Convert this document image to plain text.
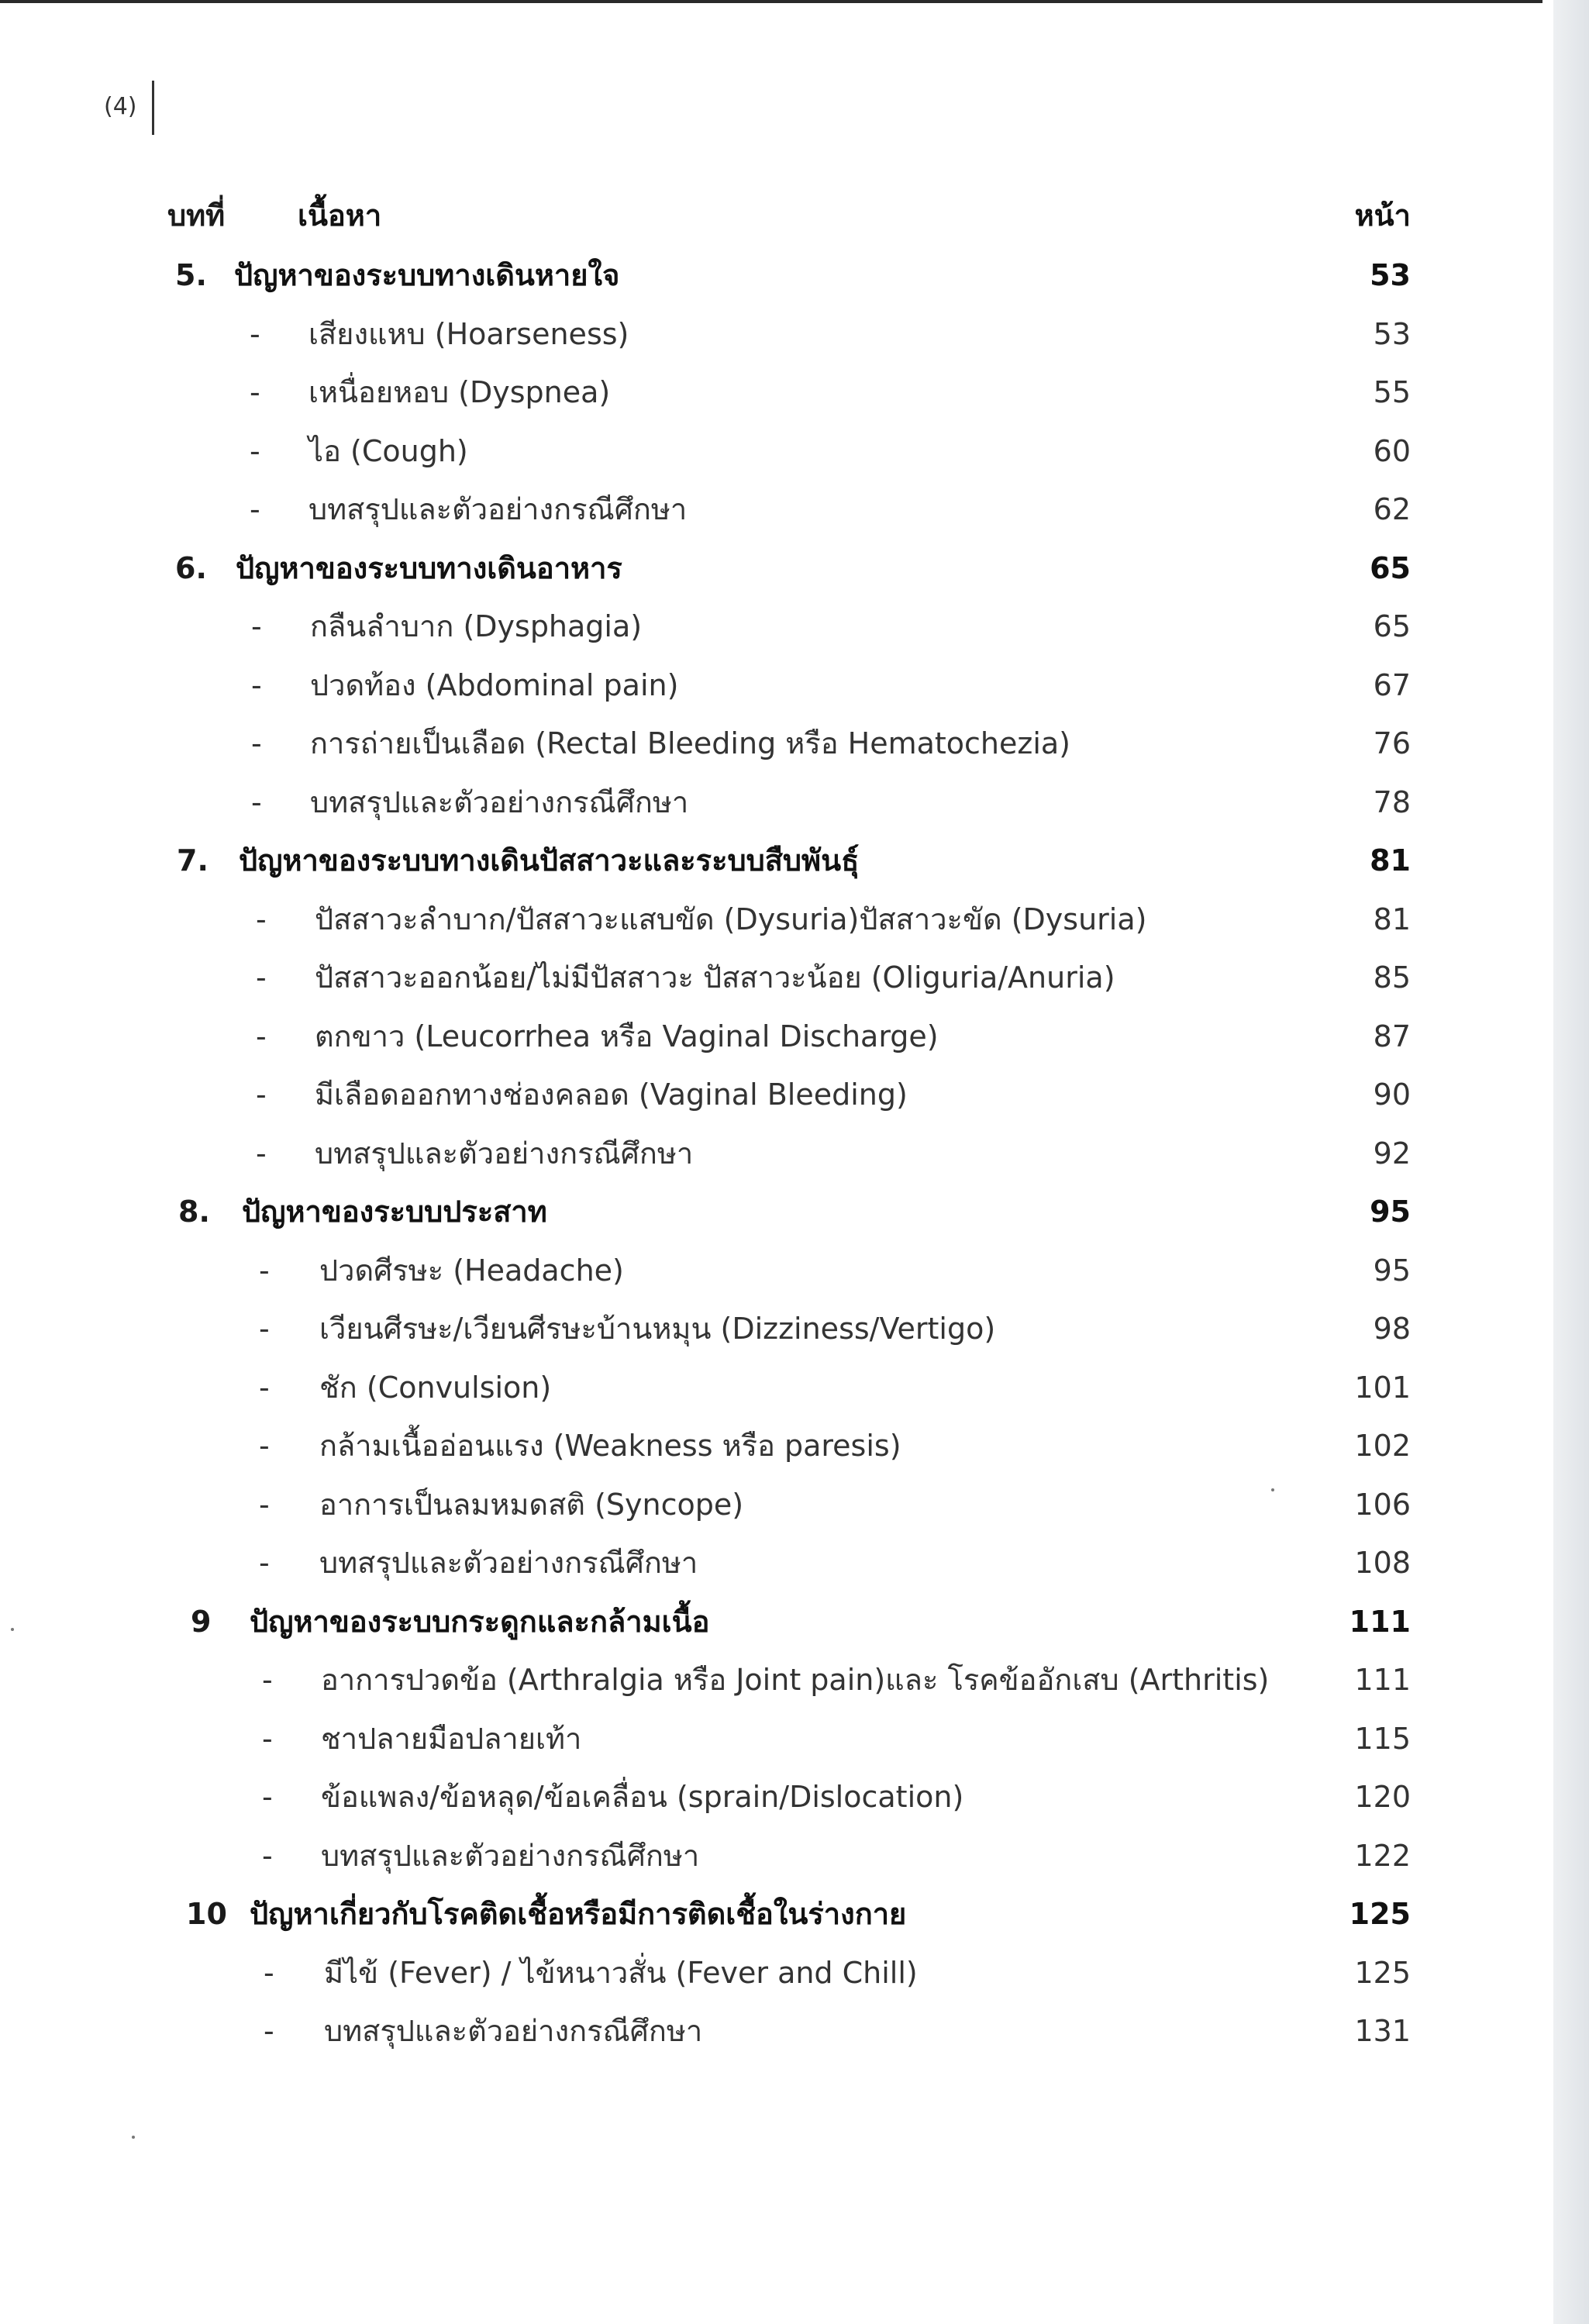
(4)
บทที่ เนื้อหา	หน้า
5. ปัญหาของระบบทางเดินหายใจ	53
- เสียงแหบ (Hoarseness)	53
- เหนื่อยหอบ (Dyspnea)	55
- ไอ (Cough)	60
- บทสรุปและตัวอย่างกรณีศึกษา	62
6. ปัญหาของระบบทางเดินอาหาร	65
- กลืนลำบาก (Dysphagia)	65
- ปวดท้อง (Abdominal pain)	67
- การถ่ายเป็นเลือด (Rectal Bleeding หรือ Hematochezia)	76
- บทสรุปและตัวอย่างกรณีศึกษา	78
7. ปัญหาของระบบทางเดินปัสสาวะและระบบสืบพันธุ์	81
- ปัสสาวะลำบาก/ปัสสาวะแสบขัด (Dysuria)ปัสสาวะขัด (Dysuria)	81
- ปัสสาวะออกน้อย/ไม่มีปัสสาวะ ปัสสาวะน้อย (Oliguria/Anuria)	85
- ตกขาว (Leucorrhea หรือ Vaginal Discharge)	87
- มีเลือดออกทางช่องคลอด (Vaginal Bleeding)	90
- บทสรุปและตัวอย่างกรณีศึกษา	92
8. ปัญหาของระบบประสาท	95
- ปวดศีรษะ (Headache)	95
- เวียนศีรษะ/เวียนศีรษะบ้านหมุน (Dizziness/Vertigo)	98
- ชัก (Convulsion)	101
- กล้ามเนื้ออ่อนแรง (Weakness หรือ paresis)	102
- อาการเป็นลมหมดสติ (Syncope)	106
- บทสรุปและตัวอย่างกรณีศึกษา	108
9 ปัญหาของระบบกระดูกและกล้ามเนื้อ	111
- อาการปวดข้อ (Arthralgia หรือ Joint pain)และ โรคข้ออักเสบ (Arthritis)	111
- ชาปลายมือปลายเท้า	115
- ข้อแพลง/ข้อหลุด/ข้อเคลื่อน (sprain/Dislocation)	120
- บทสรุปและตัวอย่างกรณีศึกษา	122
10 ปัญหาเกี่ยวกับโรคติดเชื้อหรือมีการติดเชื้อในร่างกาย	125
- มีไข้ (Fever) / ไข้หนาวสั่น (Fever and Chill)	125
- บทสรุปและตัวอย่างกรณีศึกษา	131
